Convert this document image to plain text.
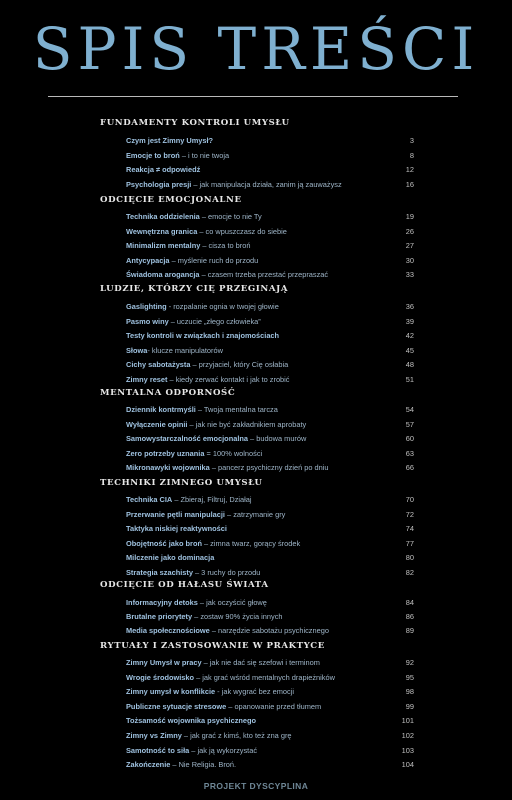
SPIS TREŚCI
FUNDAMENTY KONTROLI UMYSŁU
Czym jest Zimny Umysł?	3
Emocje to broń – i to nie twoja	8
Reakcja ≠ odpowiedź	12
Psychologia presji – jak manipulacja działa, zanim ją zauważysz	16
ODCIĘCIE EMOCJONALNE
Technika oddzielenia – emocje to nie Ty	19
Wewnętrzna granica – co wpuszczasz do siebie	26
Minimalizm mentalny – cisza to broń	27
Antycypacja – myślenie ruch do przodu	30
Świadoma arogancja – czasem trzeba przestać przepraszać	33
LUDZIE, KTÓRZY CIĘ PRZEGINAJĄ
Gaslighting - rozpalanie ognia w twojej głowie	36
Pasmo winy – uczucie „złego człowieka”	39
Testy kontroli w związkach i znajomościach	42
Słowa- klucze manipulatorów	45
Cichy sabotażysta – przyjaciel, który Cię osłabia	48
Zimny reset – kiedy zerwać kontakt i jak to zrobić	51
MENTALNA ODPORNOŚĆ
Dziennik kontrmyśli – Twoja mentalna tarcza	54
Wyłączenie opinii – jak nie być zakładnikiem aprobaty	57
Samowystarczalność emocjonalna – budowa murów	60
Zero potrzeby uznania = 100% wolności	63
Mikronawyki wojownika – pancerz psychiczny dzień po dniu	66
TECHNIKI ZIMNEGO UMYSŁU
Technika CIA – Zbieraj, Filtruj, Działaj	70
Przerwanie pętli manipulacji – zatrzymanie gry	72
Taktyka niskiej reaktywności	74
Obojętność jako broń – zimna twarz, gorący środek	77
Milczenie jako dominacja	80
Strategia szachisty – 3 ruchy do przodu	82
ODCIĘCIE OD HAŁASU ŚWIATA
Informacyjny detoks – jak oczyścić głowę	84
Brutalne priorytety – zostaw 90% życia innych	86
Media społecznościowe – narzędzie sabotażu psychicznego	89
RYTUAŁY I ZASTOSOWANIE W PRAKTYCE
Zimny Umysł w pracy – jak nie dać się szefowi i terminom	92
Wrogie środowisko – jak grać wśród mentalnych drapieżników	95
Zimny umysł w konflikcie - jak wygrać bez emocji	98
Publiczne sytuacje stresowe – opanowanie przed tłumem	99
Tożsamość wojownika psychicznego	101
Zimny vs Zimny – jak grać z kimś, kto też zna grę	102
Samotność to siła – jak ją wykorzystać	103
Zakończenie – Nie Religia. Broń.	104
PROJEKT DYSCYPLINA
